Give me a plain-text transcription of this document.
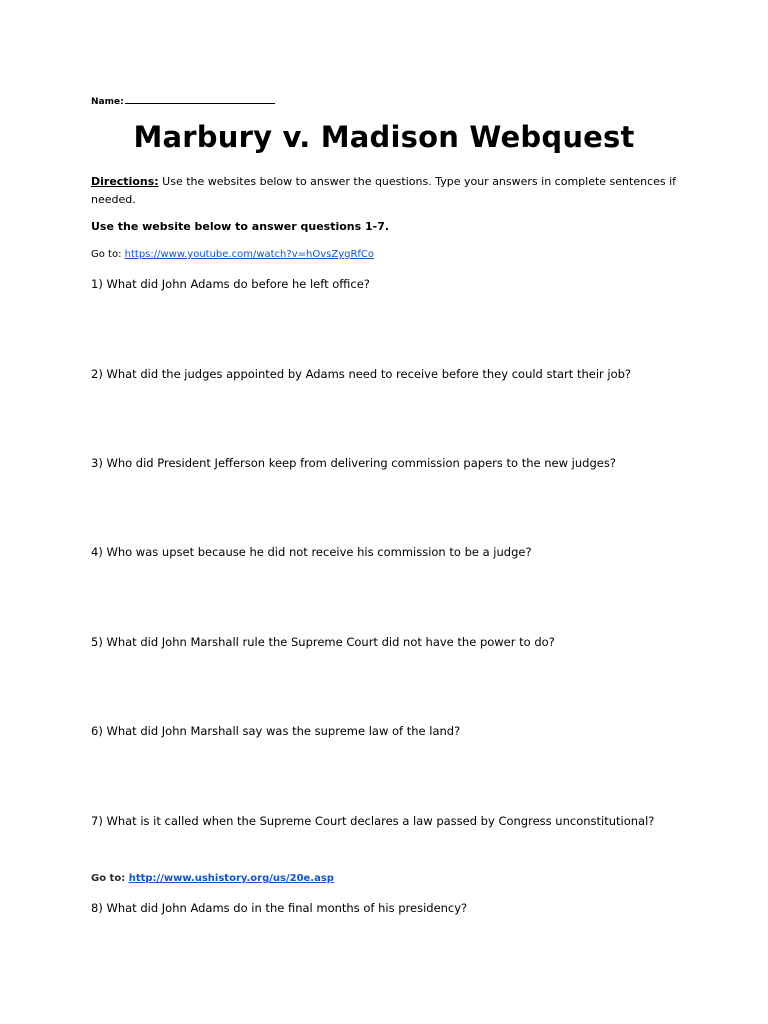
Name:
Marbury v. Madison Webquest
Directions: Use the websites below to answer the questions. Type your answers in complete sentences if needed.
Use the website below to answer questions 1-7.
Go to: https://www.youtube.com/watch?v=hOvsZygRfCo
1) What did John Adams do before he left office?
2) What did the judges appointed by Adams need to receive before they could start their job?
3) Who did President Jefferson keep from delivering commission papers to the new judges?
4) Who was upset because he did not receive his commission to be a judge?
5) What did John Marshall rule the Supreme Court did not have the power to do?
6) What did John Marshall say was the supreme law of the land?
7) What is it called when the Supreme Court declares a law passed by Congress unconstitutional?
Go to: http://www.ushistory.org/us/20e.asp
8) What did John Adams do in the final months of his presidency?
